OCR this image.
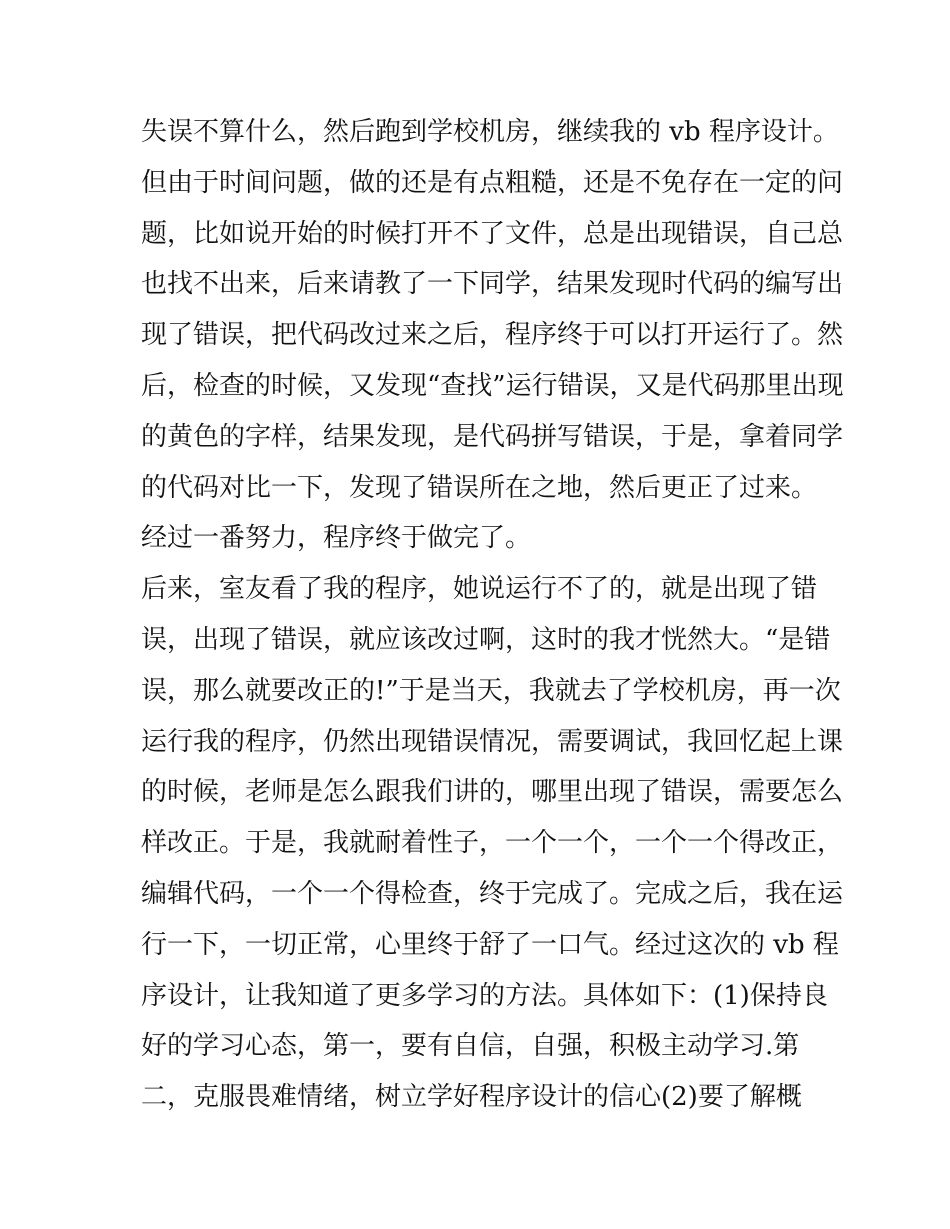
失误不算什么，然后跑到学校机房，继续我的 vb 程序设计。
但由于时间问题，做的还是有点粗糙，还是不免存在一定的问
题，比如说开始的时候打开不了文件，总是出现错误，自己总
也找不出来，后来请教了一下同学，结果发现时代码的编写出
现了错误，把代码改过来之后，程序终于可以打开运行了。然
后，检查的时候，又发现“查找”运行错误，又是代码那里出现
的黄色的字样，结果发现，是代码拼写错误，于是，拿着同学
的代码对比一下，发现了错误所在之地，然后更正了过来。
经过一番努力，程序终于做完了。
后来，室友看了我的程序，她说运行不了的，就是出现了错
误，出现了错误，就应该改过啊，这时的我才恍然大。“是错
误，那么就要改正的!”于是当天，我就去了学校机房，再一次
运行我的程序，仍然出现错误情况，需要调试，我回忆起上课
的时候，老师是怎么跟我们讲的，哪里出现了错误，需要怎么
样改正。于是，我就耐着性子，一个一个，一个一个得改正，
编辑代码，一个一个得检查，终于完成了。完成之后，我在运
行一下，一切正常，心里终于舒了一口气。经过这次的 vb 程
序设计，让我知道了更多学习的方法。具体如下：(1)保持良
好的学习心态，第一，要有自信，自强，积极主动学习.第
二，克服畏难情绪，树立学好程序设计的信心(2)要了解概
